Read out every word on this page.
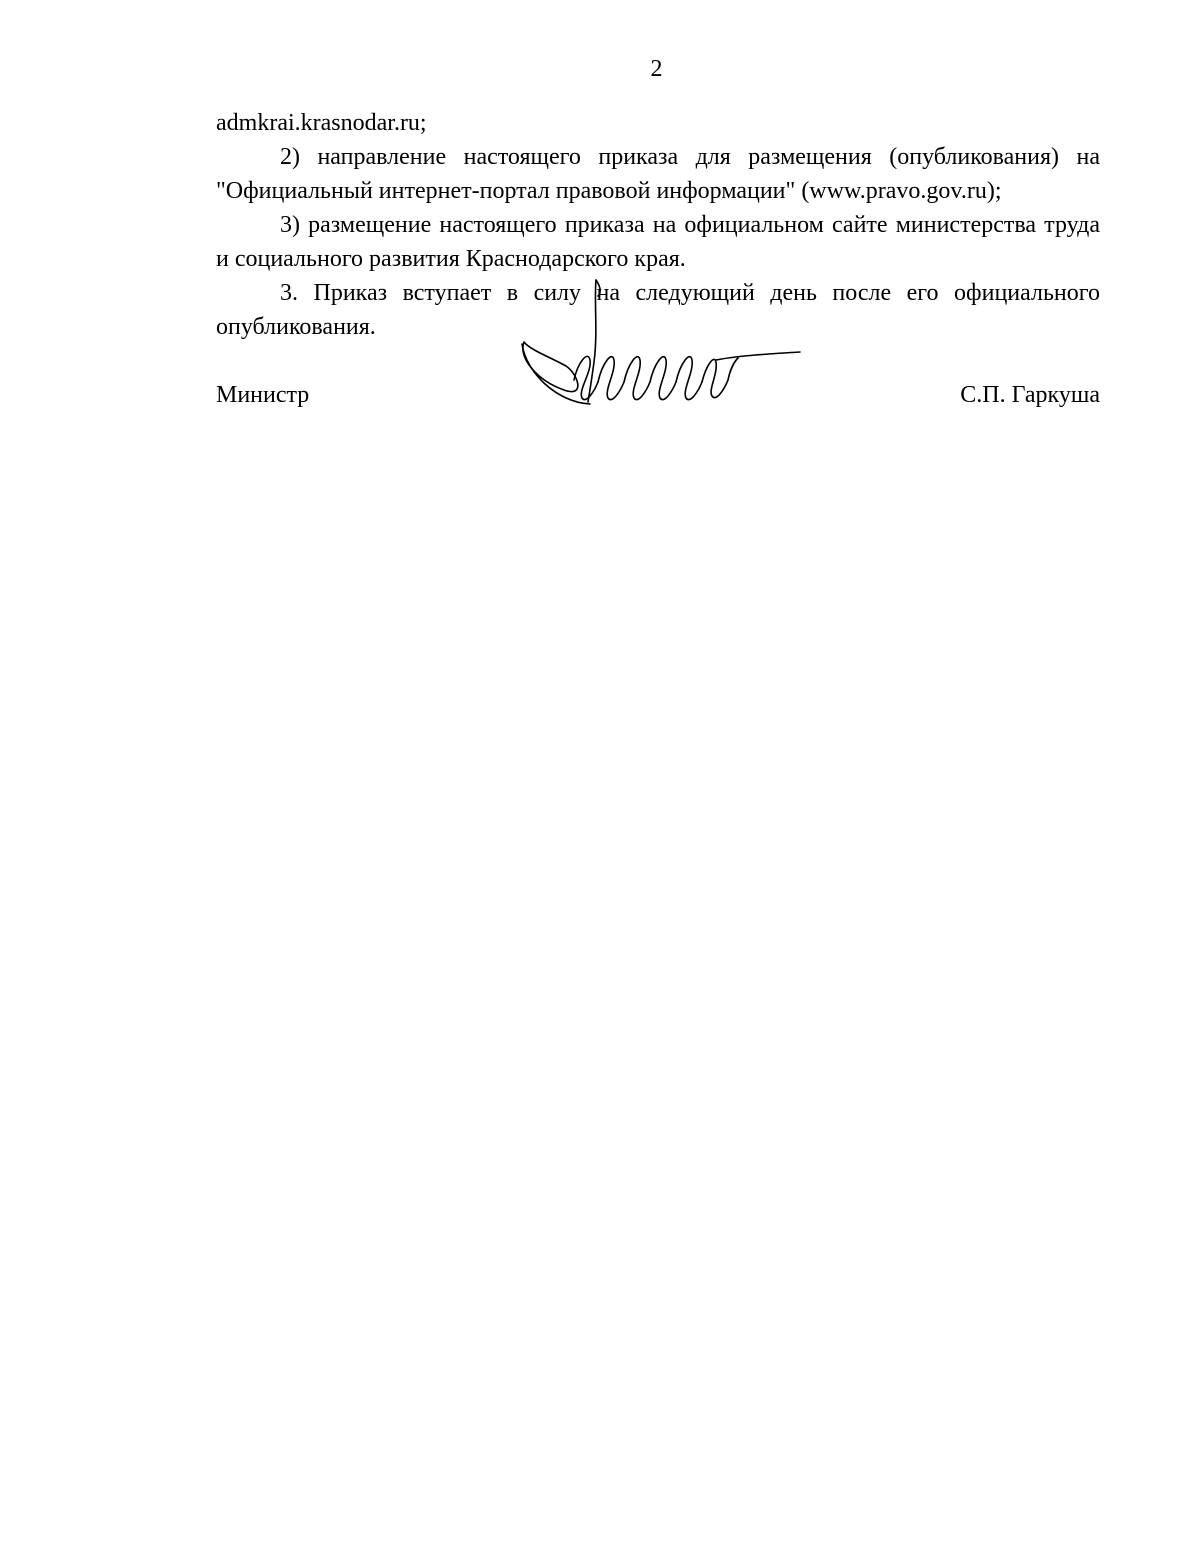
2

admkrai.krasnodar.ru;

2) направление настоящего приказа для размещения (опубликования) на "Официальный интернет-портал правовой информации" (www.pravo.gov.ru);

3) размещение настоящего приказа на официальном сайте министерства труда и социального развития Краснодарского края.

3. Приказ вступает в силу на следующий день после его официального опубликования.

Министр	С.П. Гаркуша
